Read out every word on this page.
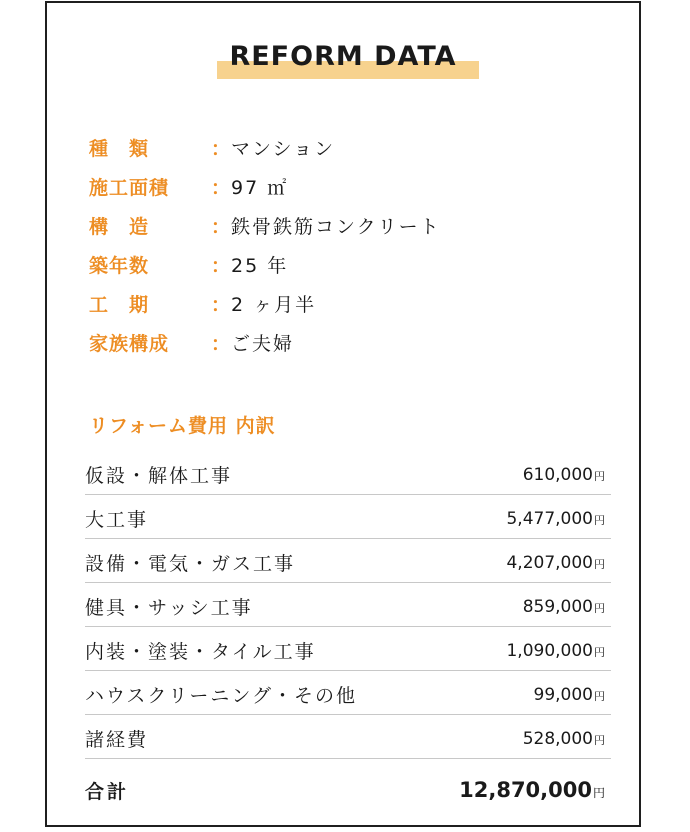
REFORM DATA
種　類	： マンション
施工面積	： 97 ㎡
構　造	： 鉄骨鉄筋コンクリート
築年数	： 25 年
工　期	： 2 ヶ月半
家族構成	： ご夫婦
リフォーム費用 内訳
仮設・解体工事	610,000円
大工事	5,477,000円
設備・電気・ガス工事	4,207,000円
健具・サッシ工事	859,000円
内装・塗装・タイル工事	1,090,000円
ハウスクリーニング・その他	99,000円
諸経費	528,000円
合計	12,870,000円
